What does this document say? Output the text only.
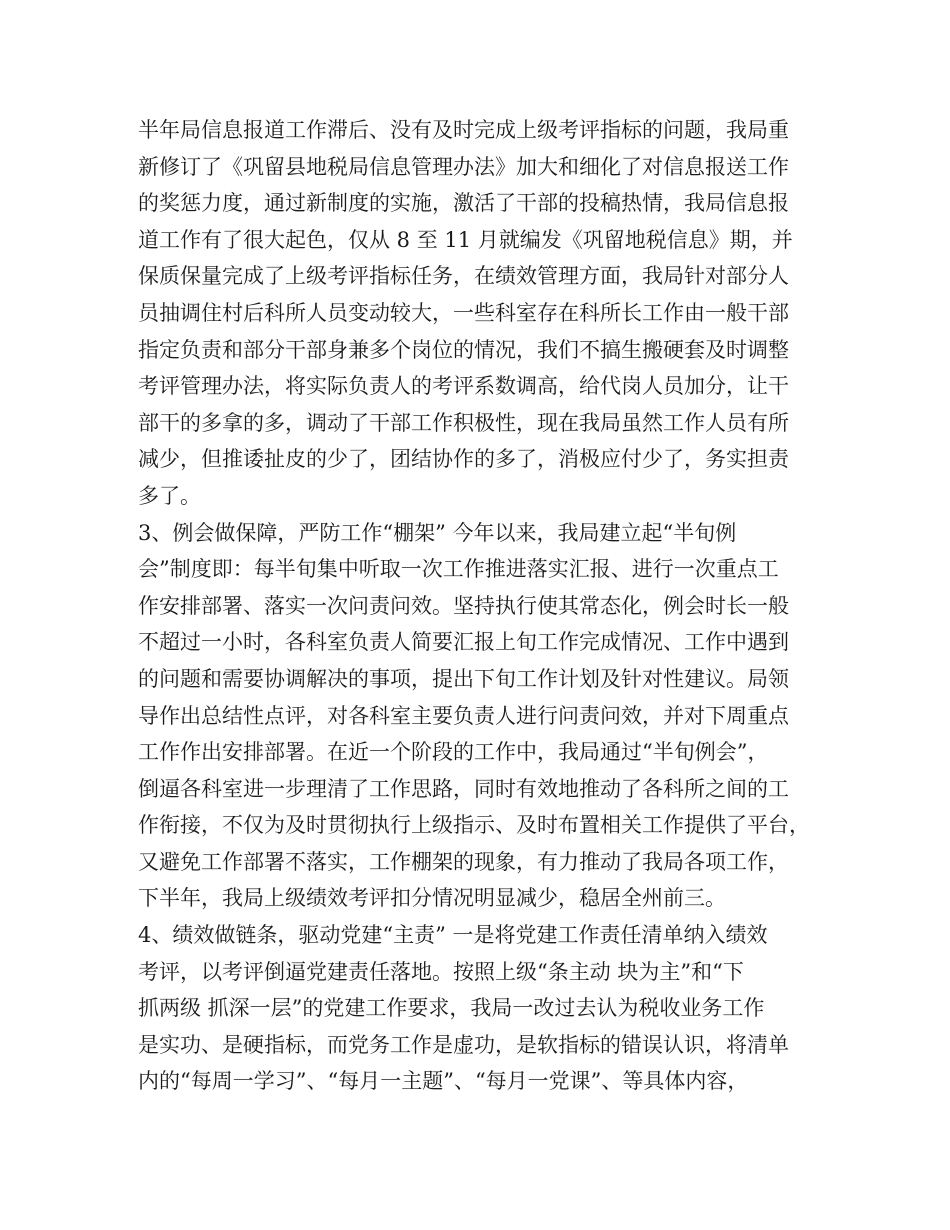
半年局信息报道工作滞后、没有及时完成上级考评指标的问题，我局重
新修订了《巩留县地税局信息管理办法》加大和细化了对信息报送工作
的奖惩力度，通过新制度的实施，激活了干部的投稿热情，我局信息报
道工作有了很大起色，仅从 8 至 11 月就编发《巩留地税信息》期，并
保质保量完成了上级考评指标任务，在绩效管理方面，我局针对部分人
员抽调住村后科所人员变动较大，一些科室存在科所长工作由一般干部
指定负责和部分干部身兼多个岗位的情况，我们不搞生搬硬套及时调整
考评管理办法，将实际负责人的考评系数调高，给代岗人员加分，让干
部干的多拿的多，调动了干部工作积极性，现在我局虽然工作人员有所
减少，但推诿扯皮的少了，团结协作的多了，消极应付少了，务实担责
多了。
3、例会做保障，严防工作“棚架” 今年以来，我局建立起“半旬例
会”制度即：每半旬集中听取一次工作推进落实汇报、进行一次重点工
作安排部署、落实一次问责问效。坚持执行使其常态化，例会时长一般
不超过一小时，各科室负责人简要汇报上旬工作完成情况、工作中遇到
的问题和需要协调解决的事项，提出下旬工作计划及针对性建议。局领
导作出总结性点评，对各科室主要负责人进行问责问效，并对下周重点
工作作出安排部署。在近一个阶段的工作中，我局通过“半旬例会”，
倒逼各科室进一步理清了工作思路，同时有效地推动了各科所之间的工
作衔接，不仅为及时贯彻执行上级指示、及时布置相关工作提供了平台，
又避免工作部署不落实，工作棚架的现象，有力推动了我局各项工作，
下半年，我局上级绩效考评扣分情况明显减少，稳居全州前三。
4、绩效做链条，驱动党建“主责” 一是将党建工作责任清单纳入绩效
考评，以考评倒逼党建责任落地。按照上级“条主动 块为主”和“下
抓两级 抓深一层”的党建工作要求，我局一改过去认为税收业务工作
是实功、是硬指标，而党务工作是虚功，是软指标的错误认识，将清单
内的“每周一学习”、“每月一主题”、“每月一党课”、等具体内容，
